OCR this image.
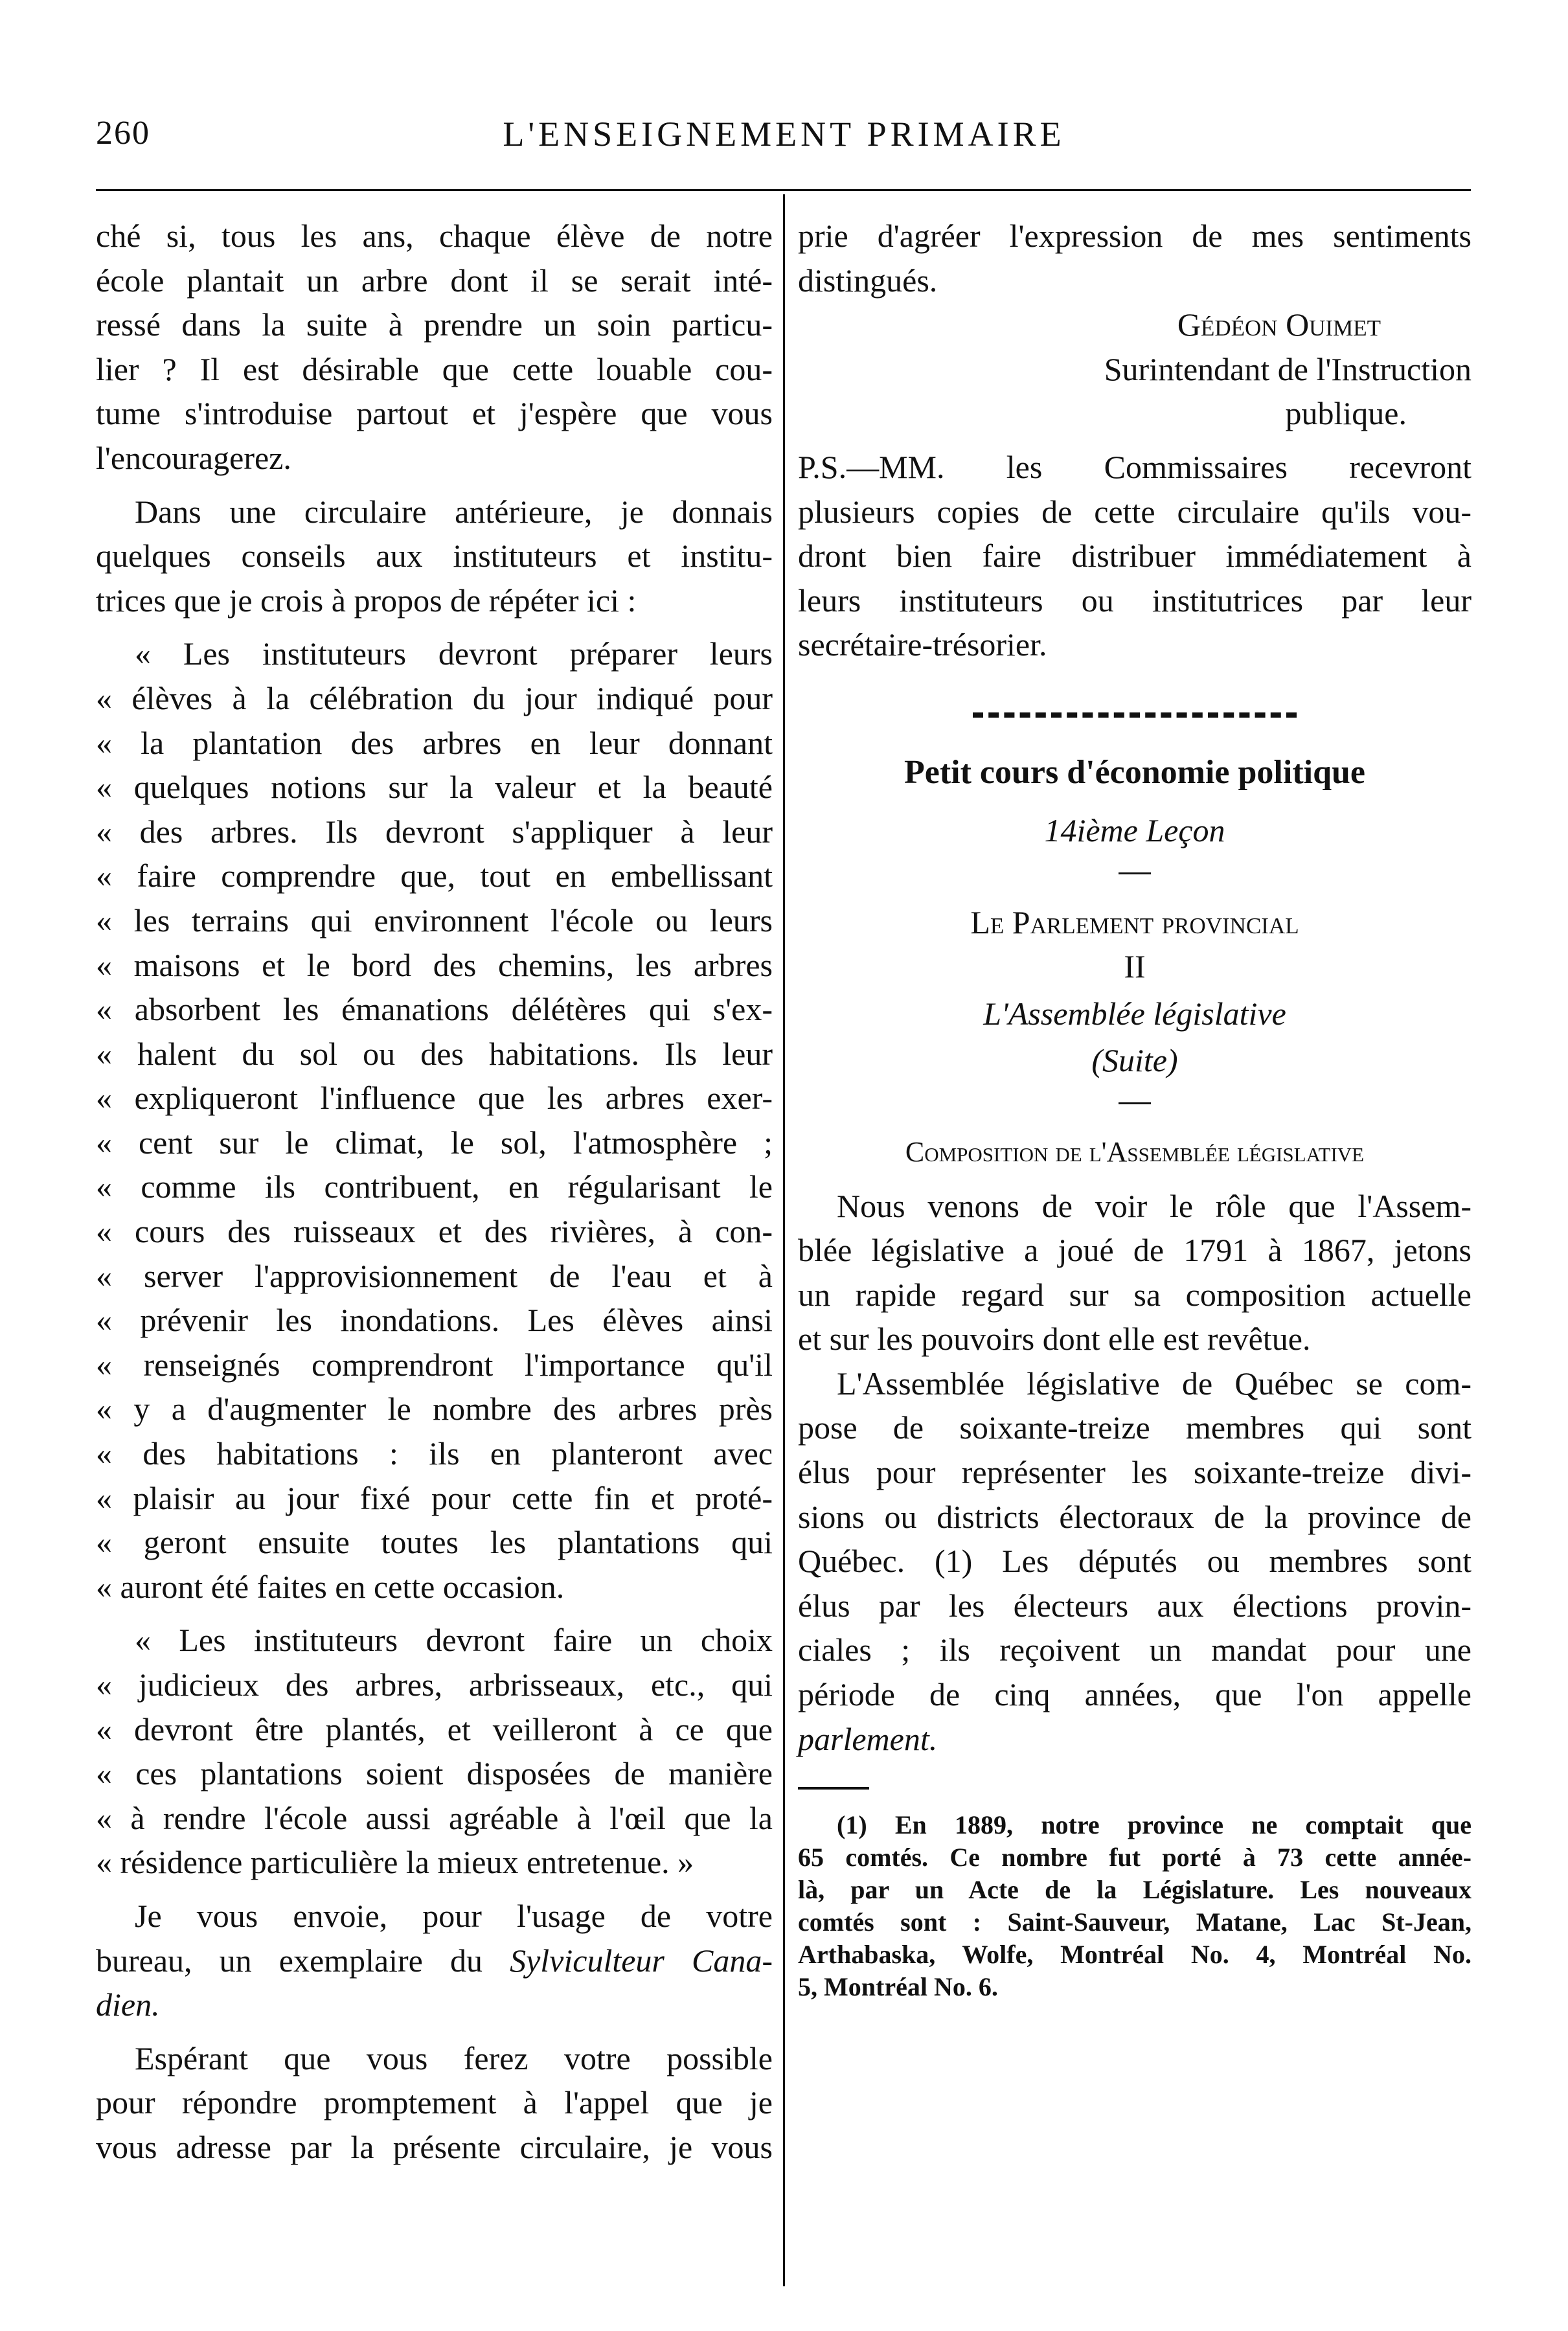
260	L'ENSEIGNEMENT PRIMAIRE
ché si, tous les ans, chaque élève de notre
école plantait un arbre dont il se serait inté-
ressé dans la suite à prendre un soin particu-
lier ? Il est désirable que cette louable cou-
tume s'introduise partout et j'espère que vous
l'encouragerez.
Dans une circulaire antérieure, je donnais
quelques conseils aux instituteurs et institu-
trices que je crois à propos de répéter ici :
« Les instituteurs devront préparer leurs
« élèves à la célébration du jour indiqué pour
« la plantation des arbres en leur donnant
« quelques notions sur la valeur et la beauté
« des arbres. Ils devront s'appliquer à leur
« faire comprendre que, tout en embellissant
« les terrains qui environnent l'école ou leurs
« maisons et le bord des chemins, les arbres
« absorbent les émanations délétères qui s'ex-
« halent du sol ou des habitations. Ils leur
« expliqueront l'influence que les arbres exer-
« cent sur le climat, le sol, l'atmosphère ;
« comme ils contribuent, en régularisant le
« cours des ruisseaux et des rivières, à con-
« server l'approvisionnement de l'eau et à
« prévenir les inondations. Les élèves ainsi
« renseignés comprendront l'importance qu'il
« y a d'augmenter le nombre des arbres près
« des habitations : ils en planteront avec
« plaisir au jour fixé pour cette fin et proté-
« geront ensuite toutes les plantations qui
« auront été faites en cette occasion.
« Les instituteurs devront faire un choix
« judicieux des arbres, arbrisseaux, etc., qui
« devront être plantés, et veilleront à ce que
« ces plantations soient disposées de manière
« à rendre l'école aussi agréable à l'œil que la
« résidence particulière la mieux entretenue. »
Je vous envoie, pour l'usage de votre
bureau, un exemplaire du Sylviculteur Cana-
dien.
Espérant que vous ferez votre possible
pour répondre promptement à l'appel que je
vous adresse par la présente circulaire, je vous
prie d'agréer l'expression de mes sentiments
distingués.
Gédéon Ouimet
Surintendant de l'Instruction
publique.
P.S.—MM. les Commissaires recevront
plusieurs copies de cette circulaire qu'ils vou-
dront bien faire distribuer immédiatement à
leurs instituteurs ou institutrices par leur
secrétaire-trésorier.
Petit cours d'économie politique
14ième Leçon
Le Parlement provincial
II
L'Assemblée législative
(Suite)
Composition de l'Assemblée législative
Nous venons de voir le rôle que l'Assem-
blée législative a joué de 1791 à 1867, jetons
un rapide regard sur sa composition actuelle
et sur les pouvoirs dont elle est revêtue.
L'Assemblée législative de Québec se com-
pose de soixante-treize membres qui sont
élus pour représenter les soixante-treize divi-
sions ou districts électoraux de la province de
Québec. (1) Les députés ou membres sont
élus par les électeurs aux élections provin-
ciales ; ils reçoivent un mandat pour une
période de cinq années, que l'on appelle
parlement.
(1) En 1889, notre province ne comptait que
65 comtés. Ce nombre fut porté à 73 cette année-
là, par un Acte de la Législature. Les nouveaux
comtés sont : Saint-Sauveur, Matane, Lac St-Jean,
Arthabaska, Wolfe, Montréal No. 4, Montréal No.
5, Montréal No. 6.
